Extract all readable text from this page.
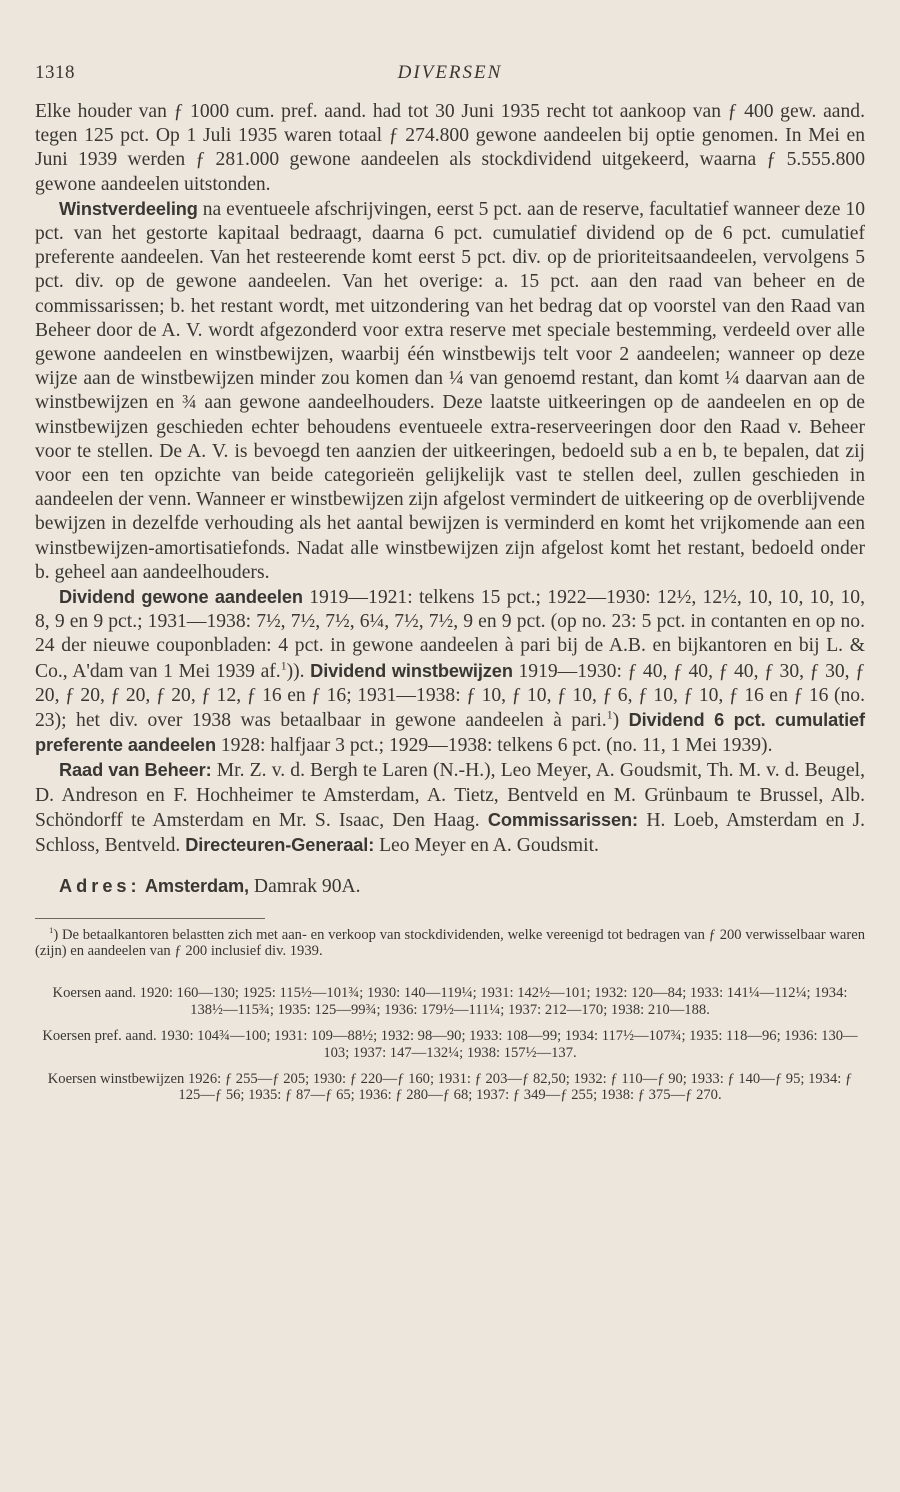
1318	DIVERSEN

Elke houder van ƒ 1000 cum. pref. aand. had tot 30 Juni 1935 recht tot aankoop van ƒ 400 gew. aand. tegen 125 pct. Op 1 Juli 1935 waren totaal ƒ 274.800 gewone aandeelen bij optie genomen. In Mei en Juni 1939 werden ƒ 281.000 gewone aandeelen als stockdividend uitgekeerd, waarna ƒ 5.555.800 gewone aandeelen uitstonden.

Winstverdeeling na eventueele afschrijvingen, eerst 5 pct. aan de reserve, facultatief wanneer deze 10 pct. van het gestorte kapitaal bedraagt, daarna 6 pct. cumulatief dividend op de 6 pct. cumulatief preferente aandeelen. Van het resteerende komt eerst 5 pct. div. op de prioriteitsaandeelen, vervolgens 5 pct. div. op de gewone aandeelen. Van het overige: a. 15 pct. aan den raad van beheer en de commissarissen; b. het restant wordt, met uitzondering van het bedrag dat op voorstel van den Raad van Beheer door de A. V. wordt afgezonderd voor extra reserve met speciale bestemming, verdeeld over alle gewone aandeelen en winstbewijzen, waarbij één winstbewijs telt voor 2 aandeelen; wanneer op deze wijze aan de winstbewijzen minder zou komen dan ¼ van genoemd restant, dan komt ¼ daarvan aan de winstbewijzen en ¾ aan gewone aandeelhouders. Deze laatste uitkeeringen op de aandeelen en op de winstbewijzen geschieden echter behoudens eventueele extra-reserveeringen door den Raad v. Beheer voor te stellen. De A. V. is bevoegd ten aanzien der uitkeeringen, bedoeld sub a en b, te bepalen, dat zij voor een ten opzichte van beide categorieën gelijkelijk vast te stellen deel, zullen geschieden in aandeelen der venn. Wanneer er winstbewijzen zijn afgelost vermindert de uitkeering op de overblijvende bewijzen in dezelfde verhouding als het aantal bewijzen is verminderd en komt het vrijkomende aan een winstbewijzen-amortisatiefonds. Nadat alle winstbewijzen zijn afgelost komt het restant, bedoeld onder b. geheel aan aandeelhouders.

Dividend gewone aandeelen 1919—1921: telkens 15 pct.; 1922—1930: 12½, 12½, 10, 10, 10, 10, 8, 9 en 9 pct.; 1931—1938: 7½, 7½, 7½, 6¼, 7½, 7½, 9 en 9 pct. (op no. 23: 5 pct. in contanten en op no. 24 der nieuwe couponbladen: 4 pct. in gewone aandeelen à pari bij de A.B. en bijkantoren en bij L. & Co., A'dam van 1 Mei 1939 af.$^1$)). Dividend winstbewijzen 1919—1930: ƒ 40, ƒ 40, ƒ 40, ƒ 30, ƒ 30, ƒ 20, ƒ 20, ƒ 20, ƒ 20, ƒ 12, ƒ 16 en ƒ 16; 1931—1938: ƒ 10, ƒ 10, ƒ 10, ƒ 6, ƒ 10, ƒ 10, ƒ 16 en ƒ 16 (no. 23); het div. over 1938 was betaalbaar in gewone aandeelen à pari.$^1$) Dividend 6 pct. cumulatief preferente aandeelen 1928: halfjaar 3 pct.; 1929—1938: telkens 6 pct. (no. 11, 1 Mei 1939).

Raad van Beheer: Mr. Z. v. d. Bergh te Laren (N.-H.), Leo Meyer, A. Goudsmit, Th. M. v. d. Beugel, D. Andreson en F. Hochheimer te Amsterdam, A. Tietz, Bentveld en M. Grünbaum te Brussel, Alb. Schöndorff te Amsterdam en Mr. S. Isaac, Den Haag. Commissarissen: H. Loeb, Amsterdam en J. Schloss, Bentveld. Directeuren-Generaal: Leo Meyer en A. Goudsmit.

Adres: Amsterdam, Damrak 90A.

$^1$) De betaalkantoren belastten zich met aan- en verkoop van stockdividenden, welke vereenigd tot bedragen van ƒ 200 verwisselbaar waren (zijn) en aandeelen van ƒ 200 inclusief div. 1939.

Koersen aand. 1920: 160—130; 1925: 115½—101¾; 1930: 140—119¼; 1931: 142½—101; 1932: 120—84; 1933: 141¼—112¼; 1934: 138½—115¾; 1935: 125—99¾; 1936: 179½—111¼; 1937: 212—170; 1938: 210—188.

Koersen pref. aand. 1930: 104¾—100; 1931: 109—88½; 1932: 98—90; 1933: 108—99; 1934: 117½—107¾; 1935: 118—96; 1936: 130—103; 1937: 147—132¼; 1938: 157½—137.

Koersen winstbewijzen 1926: ƒ 255—ƒ 205; 1930: ƒ 220—ƒ 160; 1931: ƒ 203—ƒ 82,50; 1932: ƒ 110—ƒ 90; 1933: ƒ 140—ƒ 95; 1934: ƒ 125—ƒ 56; 1935: ƒ 87—ƒ 65; 1936: ƒ 280—ƒ 68; 1937: ƒ 349—ƒ 255; 1938: ƒ 375—ƒ 270.
